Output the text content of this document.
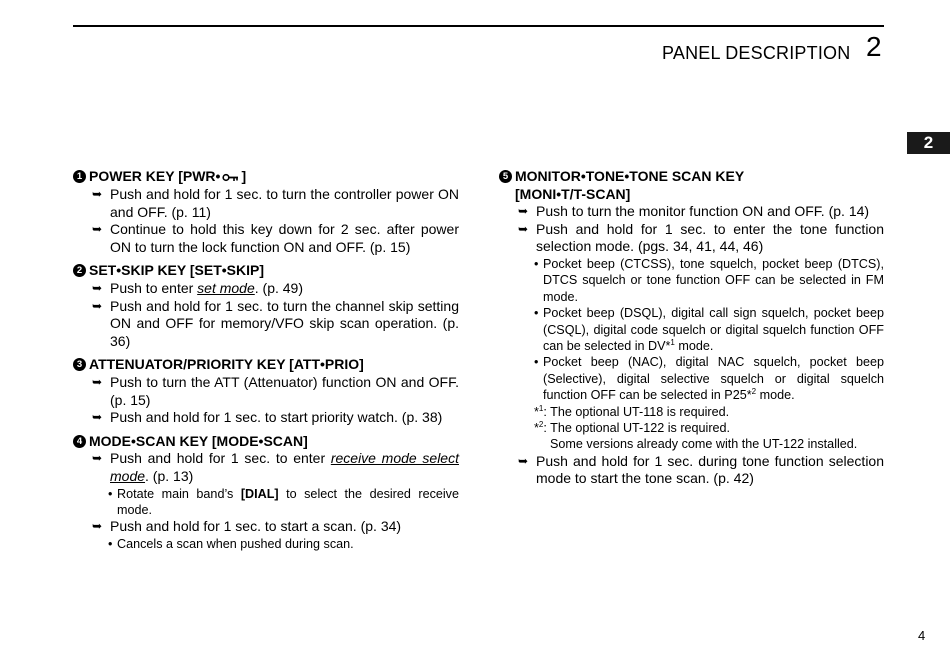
PANEL DESCRIPTION 2
2
1 POWER KEY [PWR• ]
➥ Push and hold for 1 sec. to turn the controller power ON and OFF. (p. 11)
➥ Continue to hold this key down for 2 sec. after power ON to turn the lock function ON and OFF. (p. 15)
2 SET•SKIP KEY [SET•SKIP]
➥ Push to enter set mode. (p. 49)
➥ Push and hold for 1 sec. to turn the channel skip setting ON and OFF for memory/VFO skip scan operation. (p. 36)
3 ATTENUATOR/PRIORITY KEY [ATT•PRIO]
➥ Push to turn the ATT (Attenuator) function ON and OFF. (p. 15)
➥ Push and hold for 1 sec. to start priority watch. (p. 38)
4 MODE•SCAN KEY [MODE•SCAN]
➥ Push and hold for 1 sec. to enter receive mode select mode. (p. 13)
• Rotate main band’s [DIAL] to select the desired receive mode.
➥ Push and hold for 1 sec. to start a scan. (p. 34)
• Cancels a scan when pushed during scan.
5 MONITOR•TONE•TONE SCAN KEY
[MONI•T/T-SCAN]
➥ Push to turn the monitor function ON and OFF. (p. 14)
➥ Push and hold for 1 sec. to enter the tone function selection mode. (pgs. 34, 41, 44, 46)
• Pocket beep (CTCSS), tone squelch, pocket beep (DTCS), DTCS squelch or tone function OFF can be selected in FM mode.
• Pocket beep (DSQL), digital call sign squelch, pocket beep (CSQL), digital code squelch or digital squelch function OFF can be selected in DV*$^1$ mode.
• Pocket beep (NAC), digital NAC squelch, pocket beep (Selective), digital selective squelch or digital squelch function OFF can be selected in P25*$^2$ mode.
*$^1$: The optional UT-118 is required.
*$^2$: The optional UT-122 is required.
Some versions already come with the UT-122 installed.
➥ Push and hold for 1 sec. during tone function selection mode to start the tone scan. (p. 42)
4
